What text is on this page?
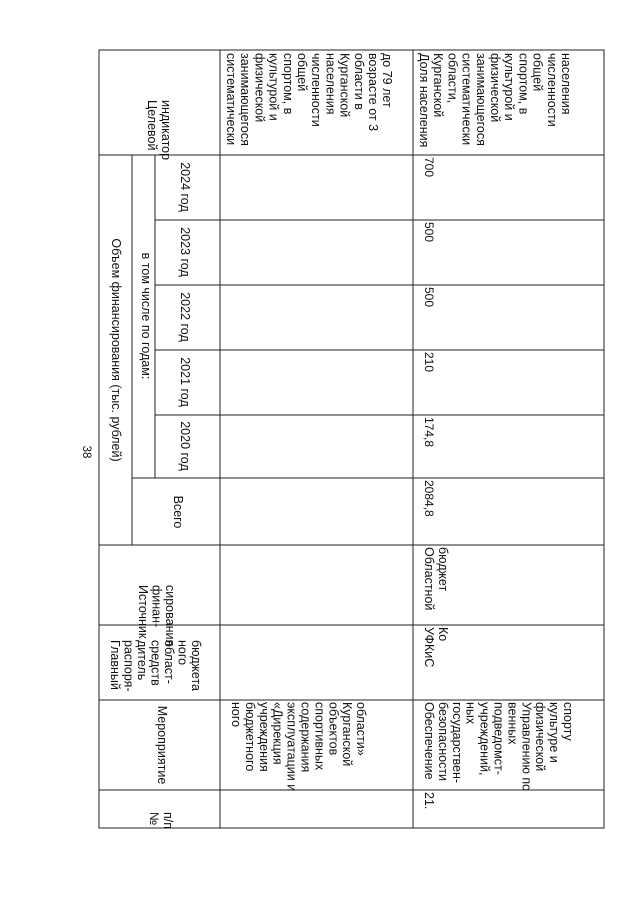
38
Целевой индикатор
Объем финансирования (тыс. рублей) в том числе по годам:
2024 год
2023 год
2022 год
2021 год
2020 год
Всего
Источник финан- сирования
Главный распоря- дитель средств област- ного бюджета
Мероприятие
№ п/п
систематически занимающегося физической культурой и спортом, в общей численности населения Курганской области в возрасте от 3 до 79 лет
ного бюджетного учреждения «Дирекция эксплуатации и содержания спортивных объектов Курганской области»
Доля населения Курганской области, систематически занимающегося физической культурой и спортом, в общей численности населения
700
500
500
210
174,8
2084,8
Областной бюджет
УФКиС Ко
Обеспечение безопасности государствен- ных учреждений, подведомст- венных Управлению по физической культуре и спорту
21.
